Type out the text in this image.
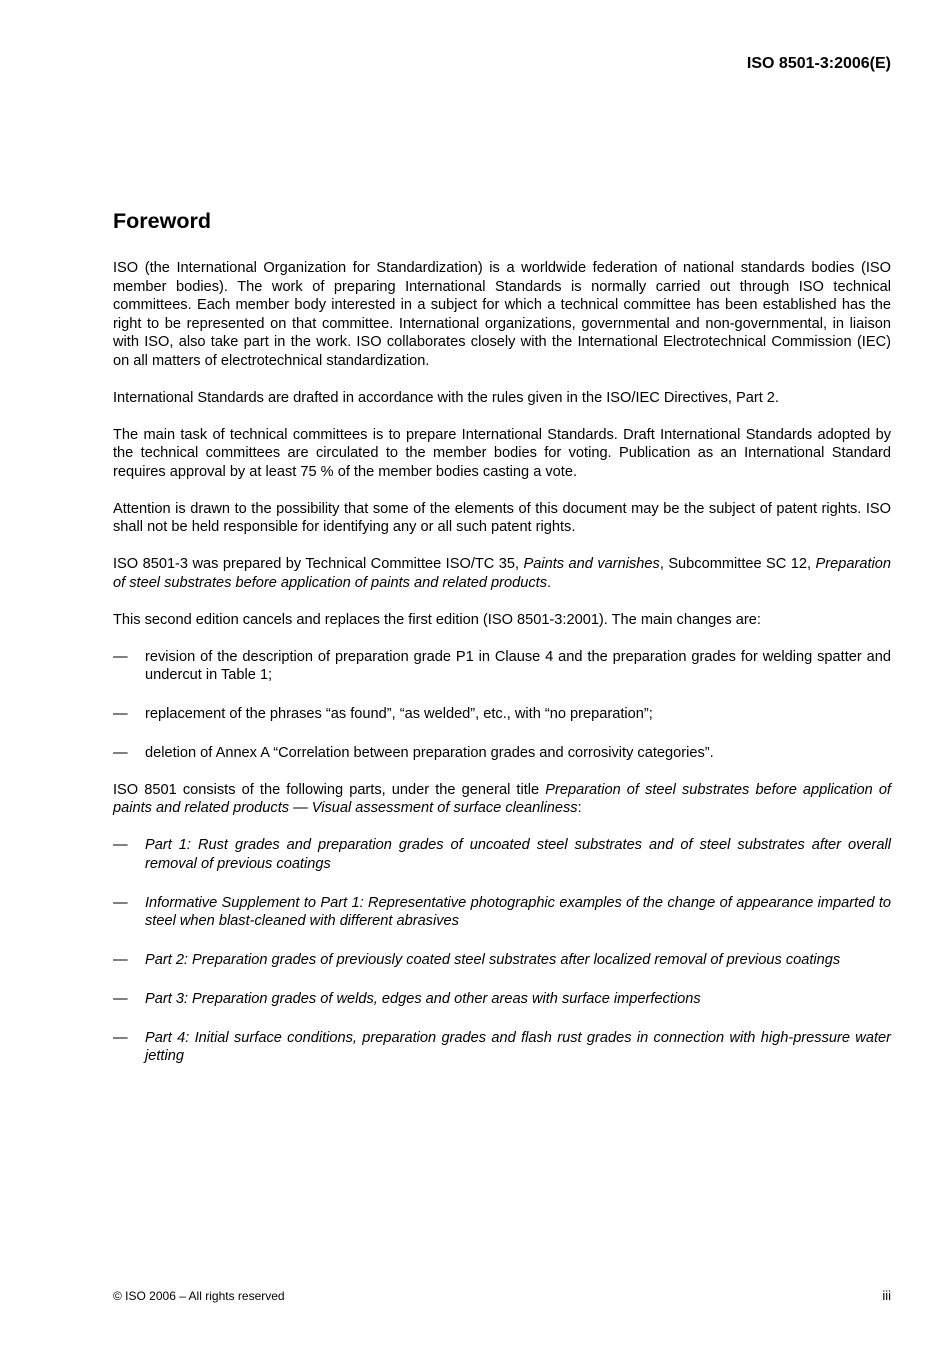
ISO 8501-3:2006(E)
Foreword

ISO (the International Organization for Standardization) is a worldwide federation of national standards bodies (ISO member bodies). The work of preparing International Standards is normally carried out through ISO technical committees. Each member body interested in a subject for which a technical committee has been established has the right to be represented on that committee. International organizations, governmental and non-governmental, in liaison with ISO, also take part in the work. ISO collaborates closely with the International Electrotechnical Commission (IEC) on all matters of electrotechnical standardization.

International Standards are drafted in accordance with the rules given in the ISO/IEC Directives, Part 2.

The main task of technical committees is to prepare International Standards. Draft International Standards adopted by the technical committees are circulated to the member bodies for voting. Publication as an International Standard requires approval by at least 75 % of the member bodies casting a vote.

Attention is drawn to the possibility that some of the elements of this document may be the subject of patent rights. ISO shall not be held responsible for identifying any or all such patent rights.

ISO 8501-3 was prepared by Technical Committee ISO/TC 35, Paints and varnishes, Subcommittee SC 12, Preparation of steel substrates before application of paints and related products.

This second edition cancels and replaces the first edition (ISO 8501-3:2001). The main changes are:

— revision of the description of preparation grade P1 in Clause 4 and the preparation grades for welding spatter and undercut in Table 1;
— replacement of the phrases “as found”, “as welded”, etc., with “no preparation”;
— deletion of Annex A “Correlation between preparation grades and corrosivity categories”.

ISO 8501 consists of the following parts, under the general title Preparation of steel substrates before application of paints and related products — Visual assessment of surface cleanliness:

— Part 1: Rust grades and preparation grades of uncoated steel substrates and of steel substrates after overall removal of previous coatings
— Informative Supplement to Part 1: Representative photographic examples of the change of appearance imparted to steel when blast-cleaned with different abrasives
— Part 2: Preparation grades of previously coated steel substrates after localized removal of previous coatings
— Part 3: Preparation grades of welds, edges and other areas with surface imperfections
— Part 4: Initial surface conditions, preparation grades and flash rust grades in connection with high-pressure water jetting
© ISO 2006 – All rights reserved	iii
